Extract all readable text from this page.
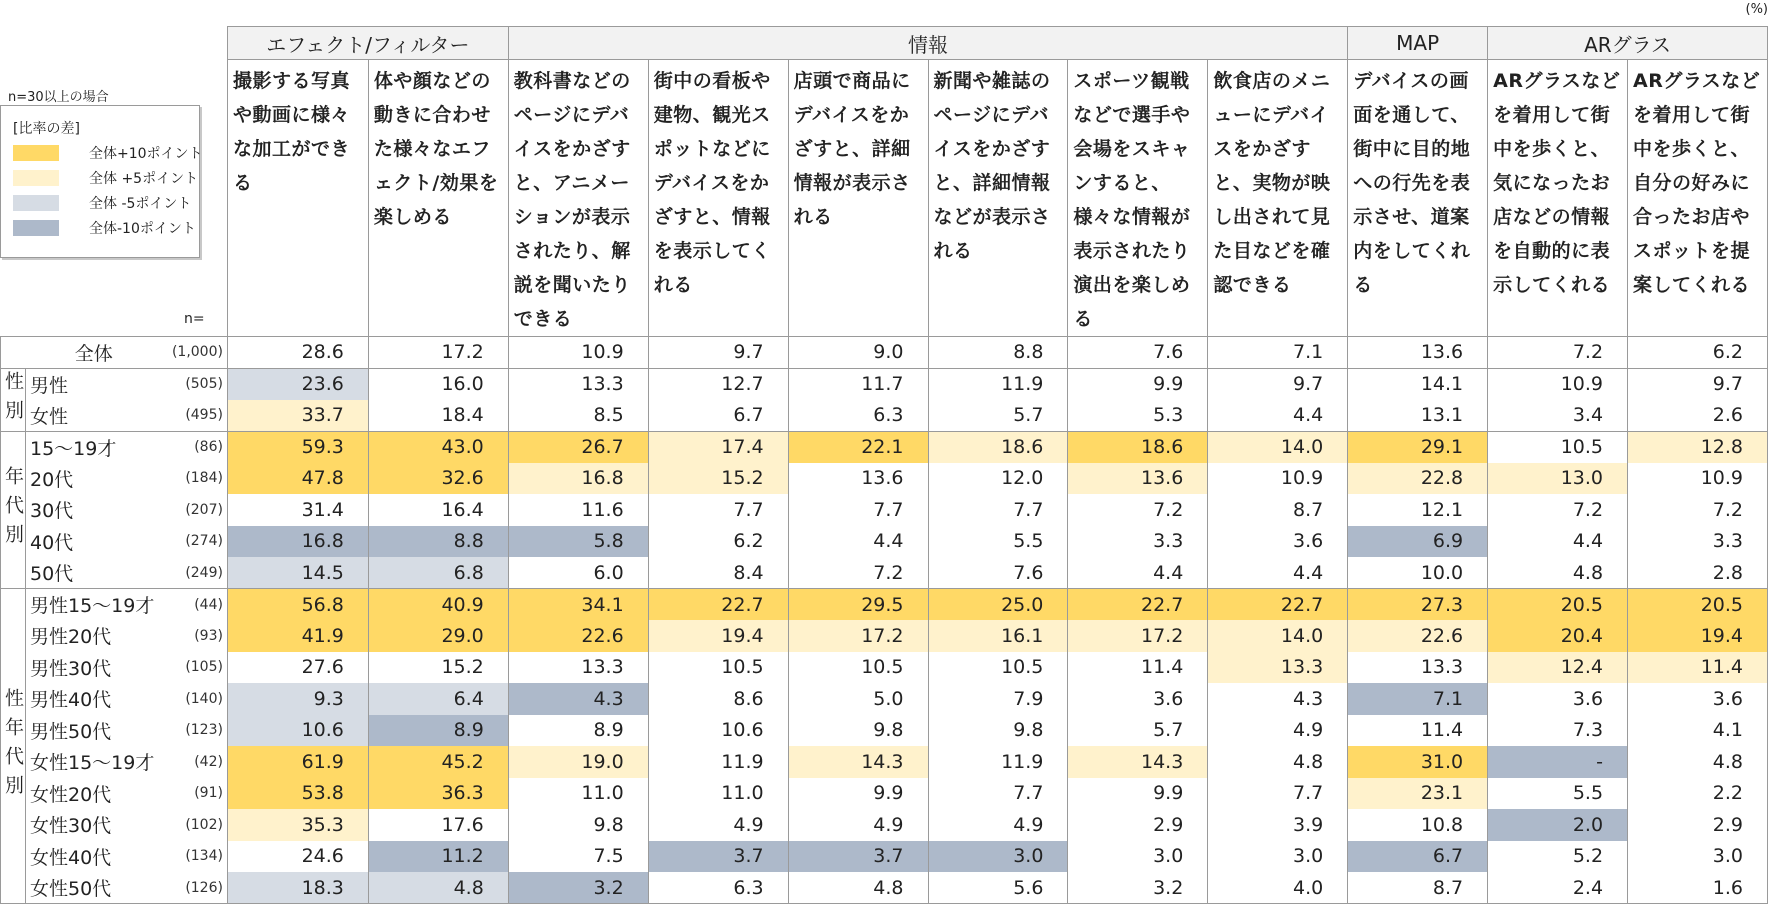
(%)
n=30以上の場合
[比率の差]
全体+10ポイント
全体 +5ポイント
全体 -5ポイント
全体-10ポイント
n=
			エフェクト/フィルター		情報						MAP	ARグラス	
			撮影する写真や動画に様々な加工ができる	体や顔などの動きに合わせた様々なエフェクト/効果を楽しめる	教科書などのページにデバイスをかざすと、アニメーションが表示されたり、解説を聞いたりできる	街中の看板や建物、観光スポットなどにデバイスをかざすと、情報を表示してくれる	店頭で商品にデバイスをかざすと、詳細情報が表示される	新聞や雑誌のページにデバイスをかざすと、詳細情報などが表示される	スポーツ観戦などで選手や会場をスキャンすると、様々な情報が表示されたり演出を楽しめる	飲食店のメニューにデバイスをかざすと、実物が映し出されて見た目などを確認できる	デバイスの画面を通して、街中に目的地への行先を表示させ、道案内をしてくれる	ARグラスなどを着用して街中を歩くと、気になったお店などの情報を自動的に表示してくれる	ARグラスなどを着用して街中を歩くと、自分の好みに合ったお店やスポットを提案してくれる
全体		(1,000)	28.6	17.2	10.9	9.7	9.0	8.8	7.6	7.1	13.6	7.2	6.2

性別	男性	(505)	23.6	16.0	13.3	12.7	11.7	11.9	9.9	9.7	14.1	10.9	9.7
	女性	(495)	33.7	18.4	8.5	6.7	6.3	5.7	5.3	4.4	13.1	3.4	2.6

年代別	15～19才	(86)	59.3	43.0	26.7	17.4	22.1	18.6	18.6	14.0	29.1	10.5	12.8
	20代	(184)	47.8	32.6	16.8	15.2	13.6	12.0	13.6	10.9	22.8	13.0	10.9
	30代	(207)	31.4	16.4	11.6	7.7	7.7	7.7	7.2	8.7	12.1	7.2	7.2
	40代	(274)	16.8	8.8	5.8	6.2	4.4	5.5	3.3	3.6	6.9	4.4	3.3
	50代	(249)	14.5	6.8	6.0	8.4	7.2	7.6	4.4	4.4	10.0	4.8	2.8

性年代別	男性15～19才	(44)	56.8	40.9	34.1	22.7	29.5	25.0	22.7	22.7	27.3	20.5	20.5
	男性20代	(93)	41.9	29.0	22.6	19.4	17.2	16.1	17.2	14.0	22.6	20.4	19.4
	男性30代	(105)	27.6	15.2	13.3	10.5	10.5	10.5	11.4	13.3	13.3	12.4	11.4
	男性40代	(140)	9.3	6.4	4.3	8.6	5.0	7.9	3.6	4.3	7.1	3.6	3.6
	男性50代	(123)	10.6	8.9	8.9	10.6	9.8	9.8	5.7	4.9	11.4	7.3	4.1
	女性15～19才	(42)	61.9	45.2	19.0	11.9	14.3	11.9	14.3	4.8	31.0	-	4.8
	女性20代	(91)	53.8	36.3	11.0	11.0	9.9	7.7	9.9	7.7	23.1	5.5	2.2
	女性30代	(102)	35.3	17.6	9.8	4.9	4.9	4.9	2.9	3.9	10.8	2.0	2.9
	女性40代	(134)	24.6	11.2	7.5	3.7	3.7	3.0	3.0	3.0	6.7	5.2	3.0
	女性50代	(126)	18.3	4.8	3.2	6.3	4.8	5.6	3.2	4.0	8.7	2.4	1.6
